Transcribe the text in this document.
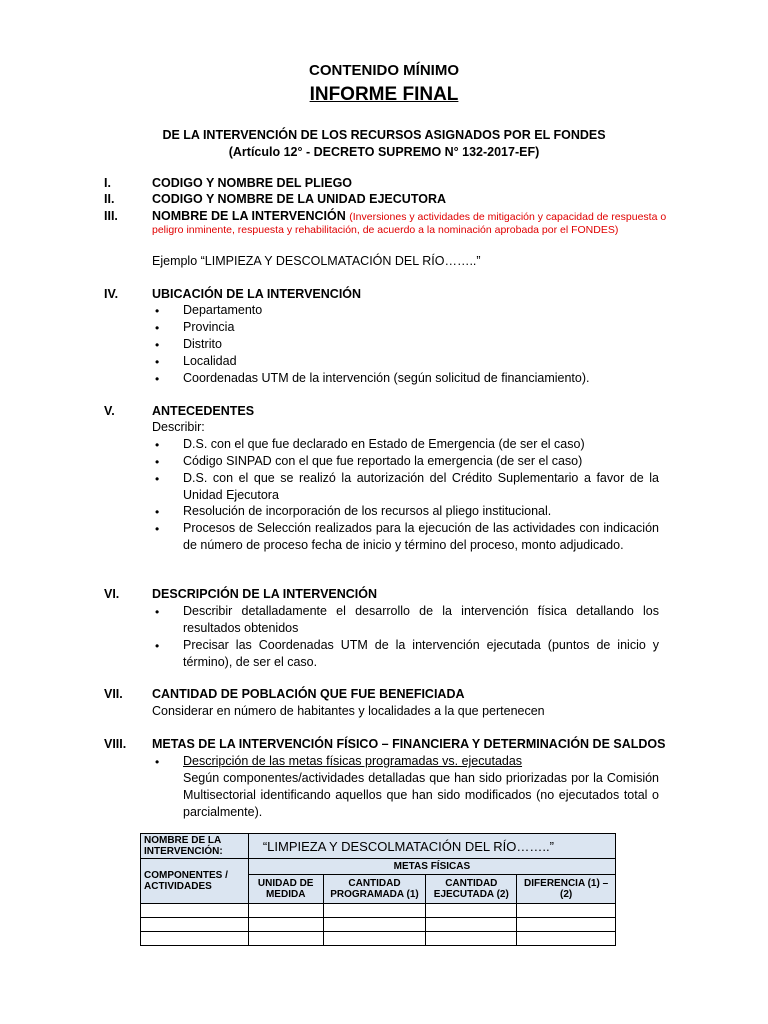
CONTENIDO MÍNIMO
INFORME FINAL
DE LA INTERVENCIÓN DE LOS RECURSOS ASIGNADOS POR EL FONDES
(Artículo 12° - DECRETO SUPREMO N° 132-2017-EF)
I.	CODIGO Y NOMBRE DEL PLIEGO
II.	CODIGO Y NOMBRE DE LA UNIDAD EJECUTORA
III.	NOMBRE DE LA INTERVENCIÓN (Inversiones y actividades de mitigación y capacidad de respuesta o
peligro inminente, respuesta y rehabilitación, de acuerdo a la nominación aprobada por el FONDES)
Ejemplo “LIMPIEZA Y DESCOLMATACIÓN DEL RÍO……..”
IV.	UBICACIÓN DE LA INTERVENCIÓN
• Departamento
• Provincia
• Distrito
• Localidad
• Coordenadas UTM de la intervención (según solicitud de financiamiento).
V.	ANTECEDENTES
Describir:
• D.S. con el que fue declarado en Estado de Emergencia (de ser el caso)
• Código SINPAD con el que fue reportado la emergencia (de ser el caso)
• D.S. con el que se realizó la autorización del Crédito Suplementario a favor de la Unidad Ejecutora
• Resolución de incorporación de los recursos al pliego institucional.
• Procesos de Selección realizados para la ejecución de las actividades con indicación de número de proceso fecha de inicio y término del proceso, monto adjudicado.
VI.	DESCRIPCIÓN DE LA INTERVENCIÓN
• Describir detalladamente el desarrollo de la intervención física detallando los resultados obtenidos
• Precisar las Coordenadas UTM de la intervención ejecutada (puntos de inicio y término), de ser el caso.
VII. CANTIDAD DE POBLACIÓN QUE FUE BENEFICIADA
Considerar en número de habitantes y localidades a la que pertenecen
VIII. METAS DE LA INTERVENCIÓN FÍSICO – FINANCIERA Y DETERMINACIÓN DE SALDOS
• Descripción de las metas físicas programadas vs. ejecutadas
Según componentes/actividades detalladas que han sido priorizadas por la Comisión Multisectorial identificando aquellos que han sido modificados (no ejecutados total o parcialmente).
NOMBRE DE LA INTERVENCIÓN:	“LIMPIEZA Y DESCOLMATACIÓN DEL RÍO……..”			

COMPONENTES / ACTIVIDADES	METAS FÍSICAS			
	UNIDAD DE MEDIDA	CANTIDAD PROGRAMADA (1)	CANTIDAD EJECUTADA (2)	DIFERENCIA (1) – (2)
